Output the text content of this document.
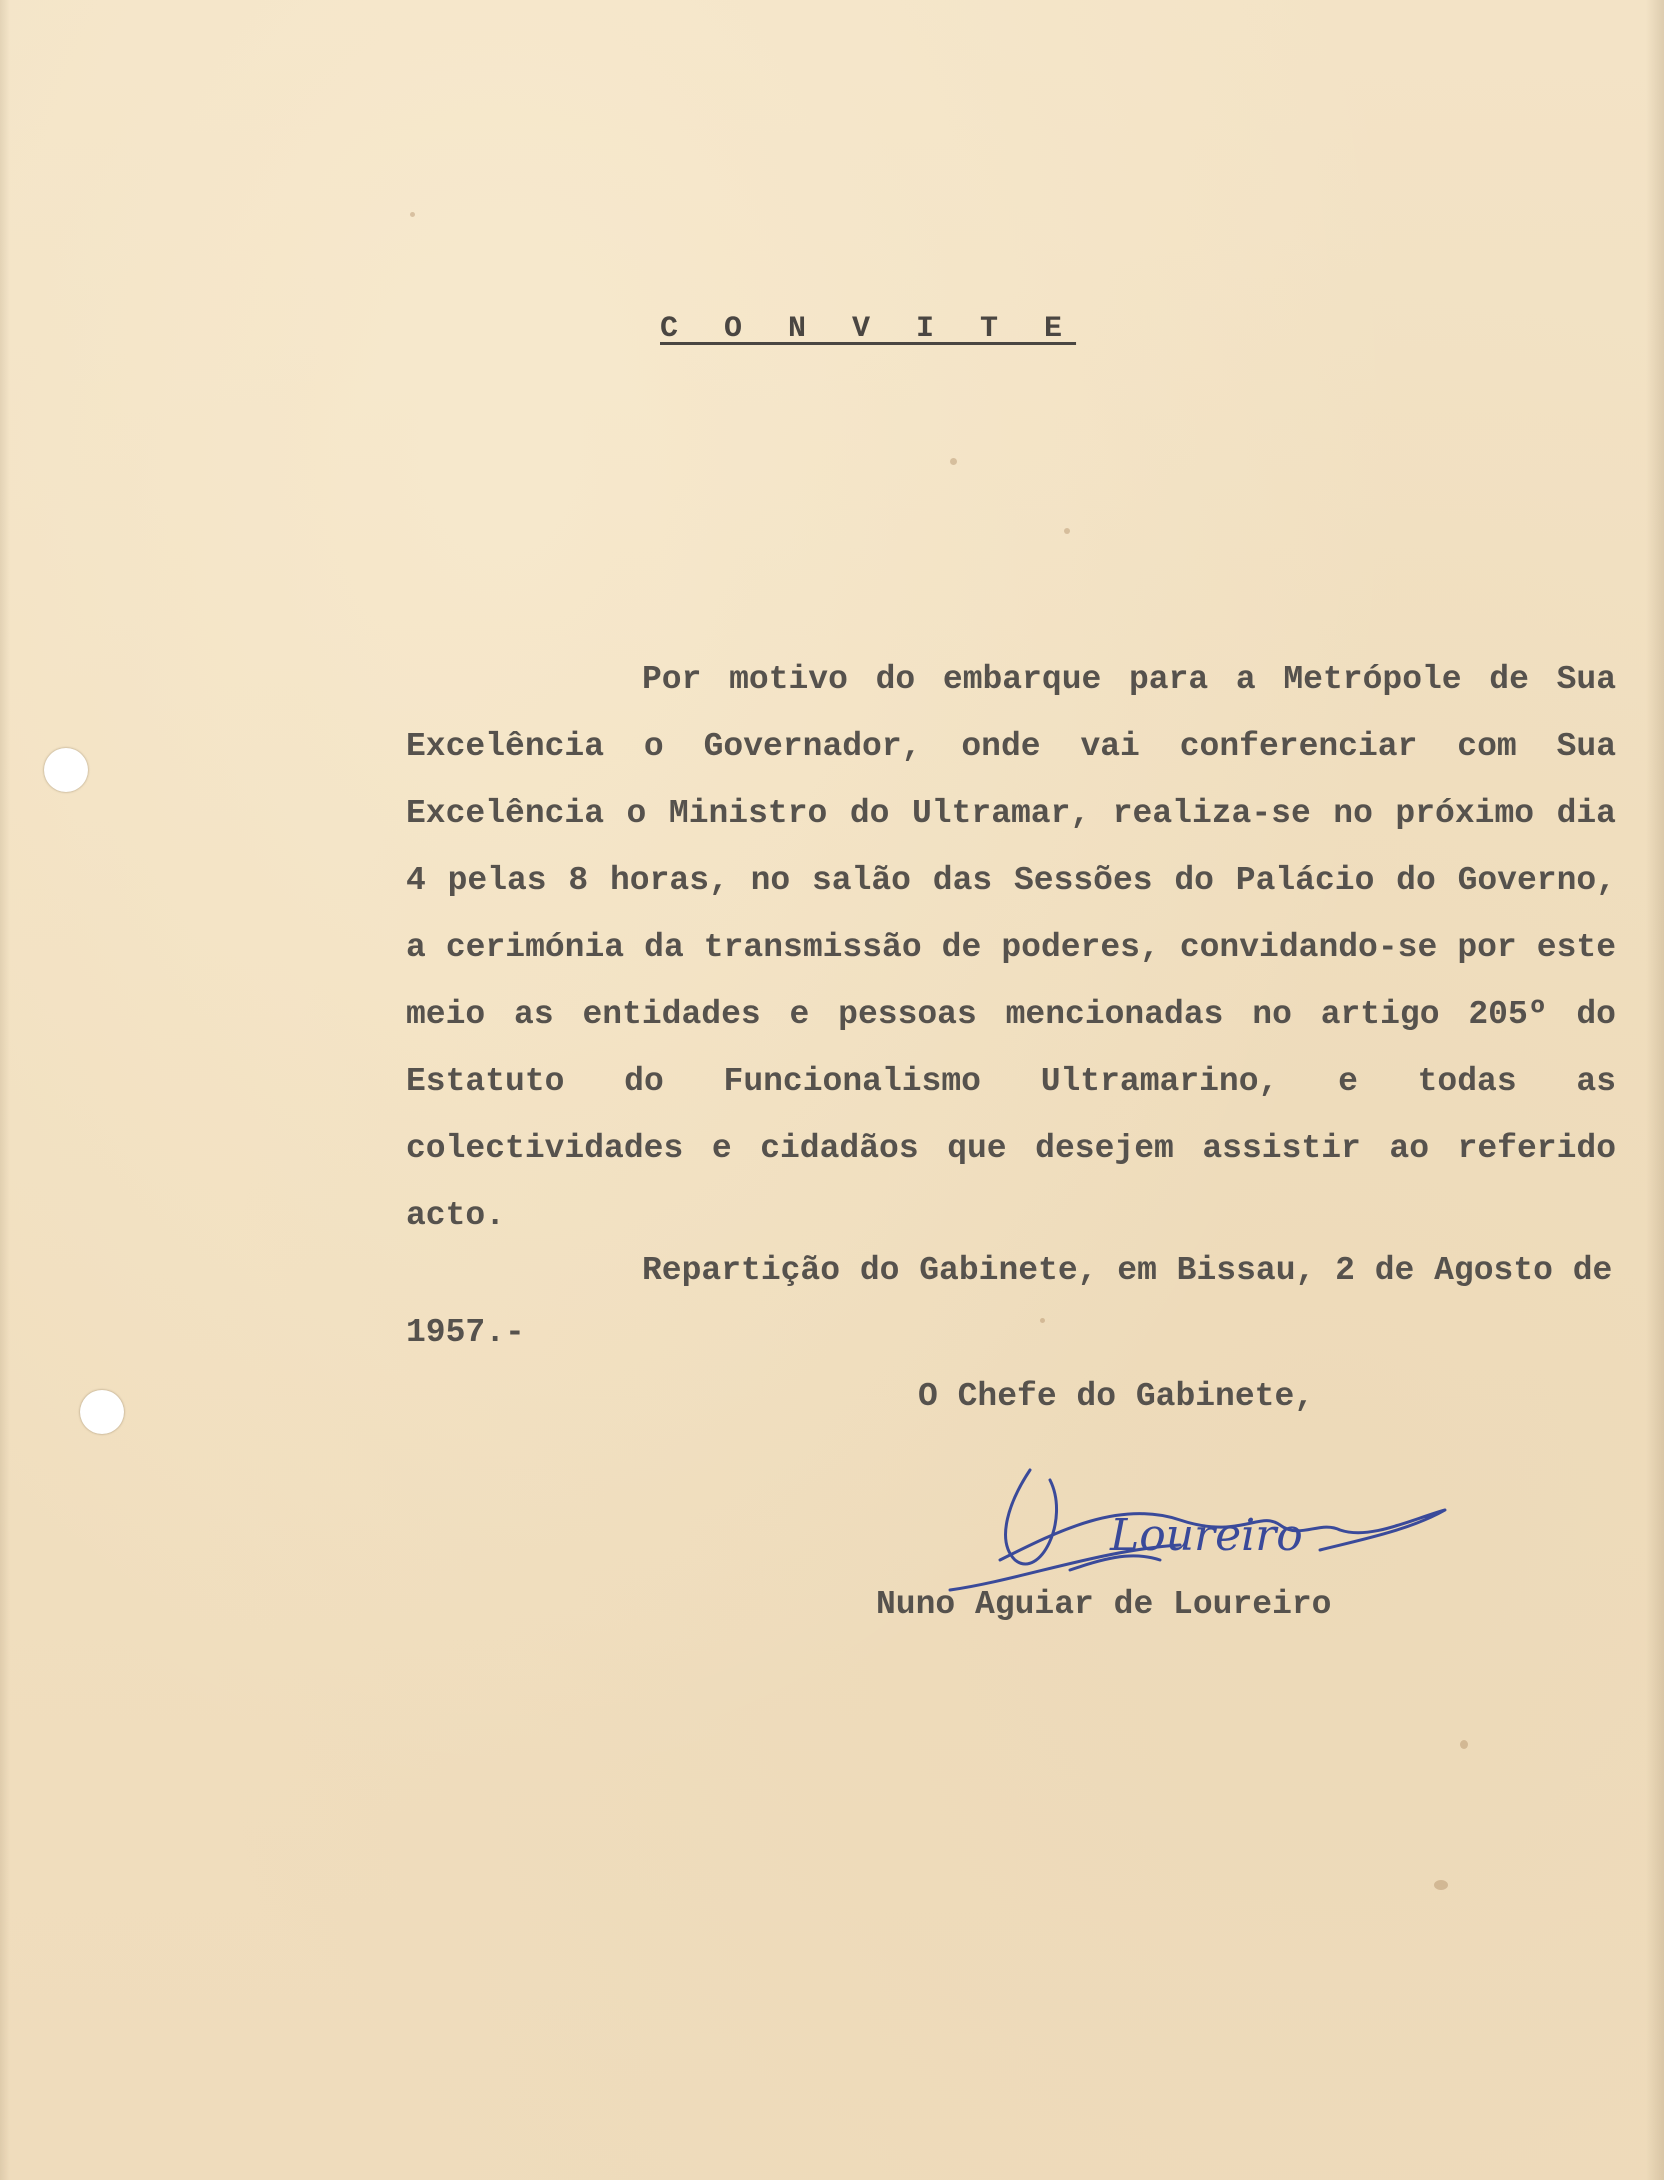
C O N V I T E

Por motivo do embarque para a Metrópole de Sua Excelência o Governador, onde vai conferenciar com Sua Excelência o Ministro do Ultramar, realiza-se no próximo dia 4 pelas 8 horas, no salão das Sessões do Palácio do Governo, a cerimónia da transmissão de poderes, convidando-se por este meio as entidades e pessoas mencionadas no artigo 205º do Estatuto do Funcionalismo Ultramarino, e todas as colectividades e cidadãos que desejem assistir ao referido acto.

Repartição do Gabinete, em Bissau, 2 de Agosto de 1957.-

O Chefe do Gabinete,
Loureiro
Nuno Aguiar de Loureiro
